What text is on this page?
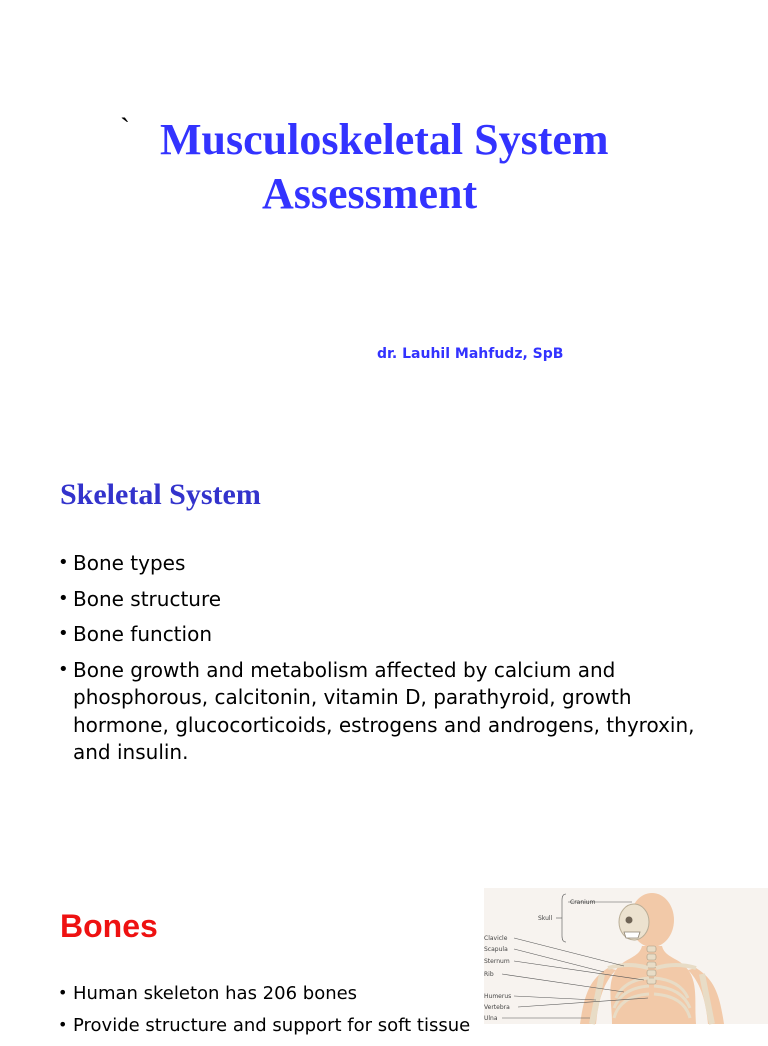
` Musculoskeletal System
Assessment
dr. Lauhil Mahfudz, SpB
Skeletal System
• Bone types
• Bone structure
• Bone function
• Bone growth and metabolism affected by calcium and phosphorous, calcitonin, vitamin D, parathyroid, growth hormone, glucocorticoids, estrogens and androgens, thyroxin, and insulin.
Bones
• Human skeleton has 206 bones
• Provide structure and support for soft tissue
Cranium
Skull
Clavicle
Scapula
Sternum
Rib
Humerus
Vertebra
Ulna
